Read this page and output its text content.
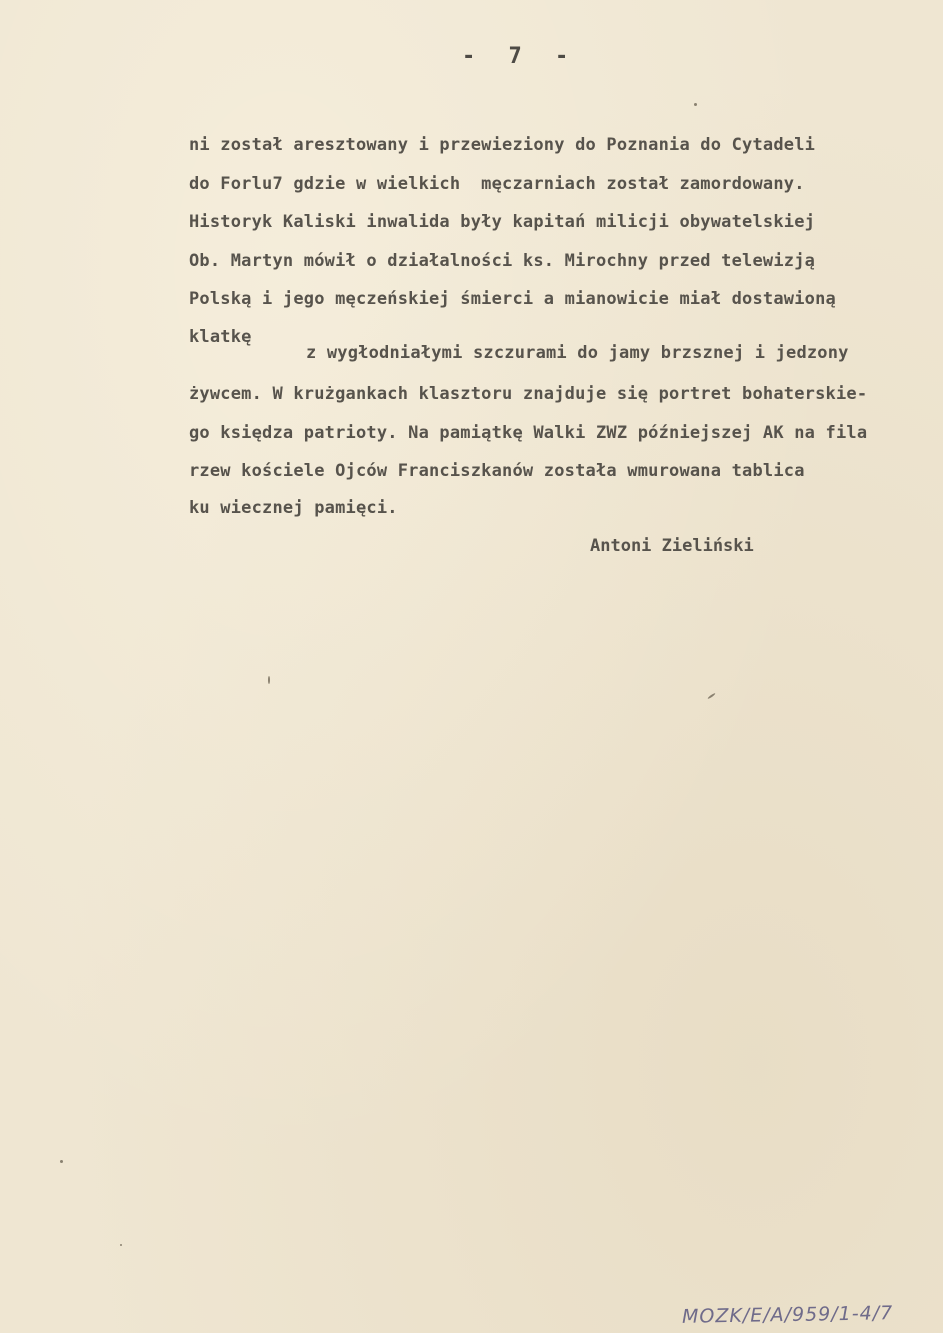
- 7 -
ni został aresztowany i przewieziony do Poznania do Cytadeli
do Forlu7 gdzie w wielkich  męczarniach został zamordowany.
Historyk Kaliski inwalida były kapitań milicji obywatelskiej
Ob. Martyn mówił o działalności ks. Mirochny przed telewizją
Polską i jego męczeńskiej śmierci a mianowicie miał dostawioną
klatkę
z wygłodniałymi szczurami do jamy brzsznej i jedzony
żywcem. W krużgankach klasztoru znajduje się portret bohaterskie-
go księdza patrioty. Na pamiątkę Walki ZWZ późniejszej AK na fila
rzew kościele Ojców Franciszkanów została wmurowana tablica
ku wiecznej pamięci.
Antoni Zieliński
MOZK/E/A/959/1-4/7
